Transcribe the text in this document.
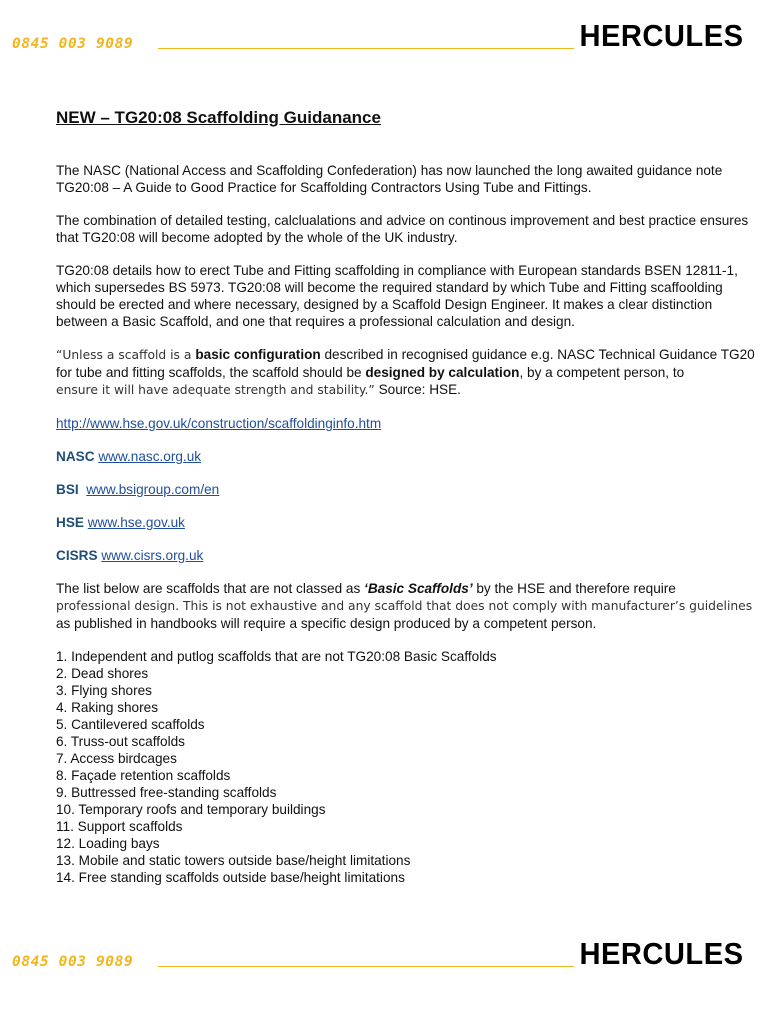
0845 003 9089	HERCULES
NEW – TG20:08 Scaffolding Guidanance

The NASC (National Access and Scaffolding Confederation) has now launched the long awaited guidance note TG20:08 – A Guide to Good Practice for Scaffolding Contractors Using Tube and Fittings.

The combination of detailed testing, calclualations and advice on continous improvement and best practice ensures that TG20:08 will become adopted by the whole of the UK industry.

TG20:08 details how to erect Tube and Fitting scaffolding in compliance with European standards BSEN 12811-1, which supersedes BS 5973. TG20:08 will become the required standard by which Tube and Fitting scaffoolding should be erected and where necessary, designed by a Scaffold Design Engineer. It makes a clear distinction between a Basic Scaffold, and one that requires a professional calculation and design.

“Unless a scaffold is a basic configuration described in recognised guidance e.g. NASC Technical Guidance TG20 for tube and fitting scaffolds, the scaffold should be designed by calculation, by a competent person, to
ensure it will have adequate strength and stability.” Source: HSE.

http://www.hse.gov.uk/construction/scaffoldinginfo.htm

NASC www.nasc.org.uk

BSI www.bsigroup.com/en

HSE www.hse.gov.uk

CISRS www.cisrs.org.uk

The list below are scaffolds that are not classed as ‘Basic Scaffolds’ by the HSE and therefore require
professional design. This is not exhaustive and any scaffold that does not comply with manufacturer’s guidelines
as published in handbooks will require a specific design produced by a competent person.

1. Independent and putlog scaffolds that are not TG20:08 Basic Scaffolds
2. Dead shores
3. Flying shores
4. Raking shores
5. Cantilevered scaffolds
6. Truss-out scaffolds
7. Access birdcages
8. Façade retention scaffolds
9. Buttressed free-standing scaffolds
10. Temporary roofs and temporary buildings
11. Support scaffolds
12. Loading bays
13. Mobile and static towers outside base/height limitations
14. Free standing scaffolds outside base/height limitations
0845 003 9089	HERCULES
